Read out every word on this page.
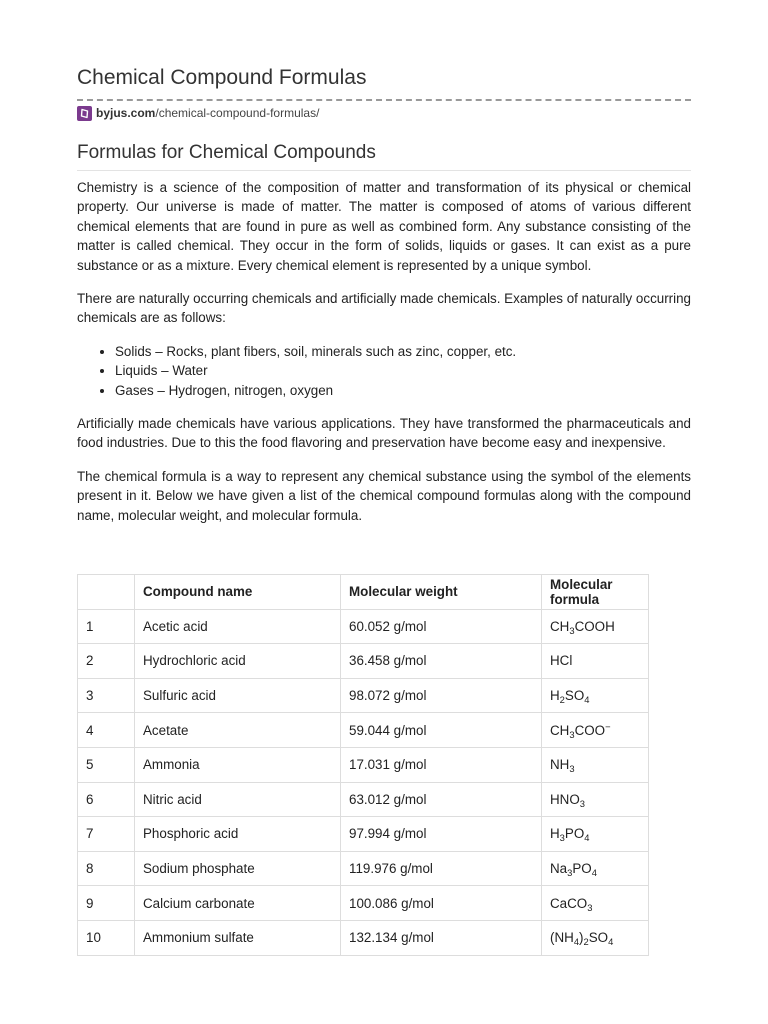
Chemical Compound Formulas
byjus.com /chemical-compound-formulas/
Formulas for Chemical Compounds

Chemistry is a science of the composition of matter and transformation of its physical or chemical property. Our universe is made of matter. The matter is composed of atoms of various different chemical elements that are found in pure as well as combined form. Any substance consisting of the matter is called chemical. They occur in the form of solids, liquids or gases. It can exist as a pure substance or as a mixture. Every chemical element is represented by a unique symbol.

There are naturally occurring chemicals and artificially made chemicals. Examples of naturally occurring chemicals are as follows:

• Solids – Rocks, plant fibers, soil, minerals such as zinc, copper, etc.
• Liquids – Water
• Gases – Hydrogen, nitrogen, oxygen

Artificially made chemicals have various applications. They have transformed the pharmaceuticals and food industries. Due to this the food flavoring and preservation have become easy and inexpensive.

The chemical formula is a way to represent any chemical substance using the symbol of the elements present in it. Below we have given a list of the chemical compound formulas along with the compound name, molecular weight, and molecular formula.

	Compound name	Molecular weight	Molecular formula
1	Acetic acid	60.052 g/mol	$CH_3COOH$
2	Hydrochloric acid	36.458 g/mol	HCl
3	Sulfuric acid	98.072 g/mol	$H_2SO_4$
4	Acetate	59.044 g/mol	$CH_3COO^-$
5	Ammonia	17.031 g/mol	$NH_3$
6	Nitric acid	63.012 g/mol	$HNO_3$
7	Phosphoric acid	97.994 g/mol	$H_3PO_4$
8	Sodium phosphate	119.976 g/mol	$Na_3PO_4$
9	Calcium carbonate	100.086 g/mol	CaCO$_3$
10	Ammonium sulfate	132.134 g/mol	$(NH_4)_2SO_4$
